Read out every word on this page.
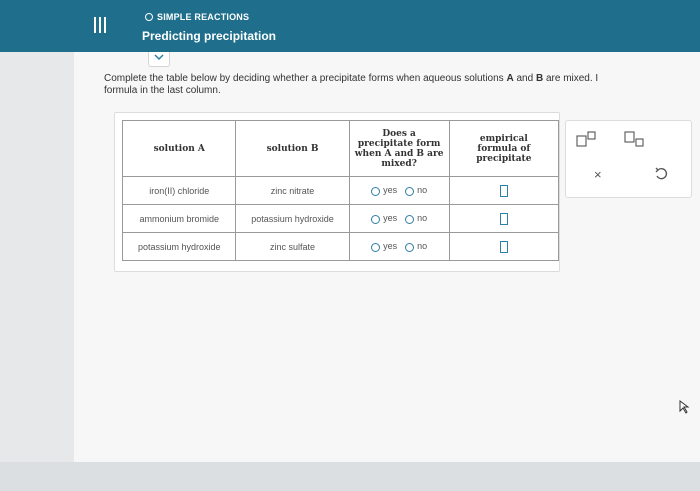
SIMPLE REACTIONS
Predicting precipitation
Complete the table below by deciding whether a precipitate forms when aqueous solutions A and B are mixed. I
formula in the last column.
solution A	solution B	Does a precipitate form when A and B are mixed?	empirical formula of precipitate
iron(II) chloride	zinc nitrate	yes no	

ammonium bromide	potassium hydroxide	yes no	

potassium hydroxide	zinc sulfate	yes no	

×
